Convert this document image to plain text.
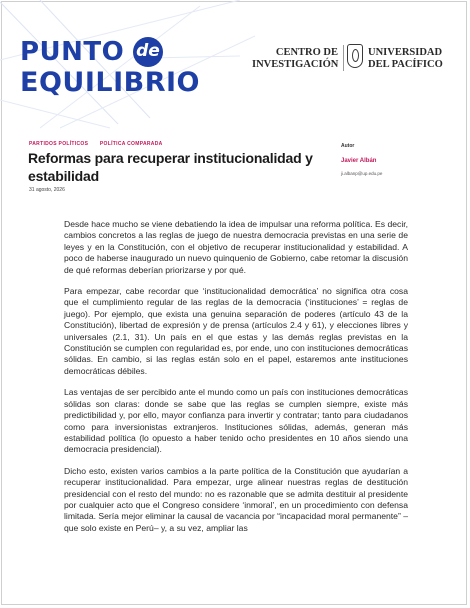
PUNTO de
EQUILIBRIO
CENTRO DE INVESTIGACIÓN
UNIVERSIDAD DEL PACÍFICO
PARTIDOS POLÍTICOS POLÍTICA COMPARADA
Reformas para recuperar institucionalidad y estabilidad
31 agosto, 2026
Autor
Javier Albán
ji.albanp@up.edu.pe

Desde hace mucho se viene debatiendo la idea de impulsar una reforma política. Es decir, cambios concretos a las reglas de juego de nuestra democracia previstas en una serie de leyes y en la Constitución, con el objetivo de recuperar institucionalidad y estabilidad. A poco de haberse inaugurado un nuevo quinquenio de Gobierno, cabe retomar la discusión de qué reformas deberían priorizarse y por qué.

Para empezar, cabe recordar que ‘institucionalidad democrática’ no significa otra cosa que el cumplimiento regular de las reglas de la democracia (‘instituciones’ = reglas de juego). Por ejemplo, que exista una genuina separación de poderes (artículo 43 de la Constitución), libertad de expresión y de prensa (artículos 2.4 y 61), y elecciones libres y universales (2.1, 31). Un país en el que estas y las demás reglas previstas en la Constitución se cumplen con regularidad es, por ende, uno con instituciones democráticas sólidas. En cambio, si las reglas están solo en el papel, estaremos ante instituciones democráticas débiles.

Las ventajas de ser percibido ante el mundo como un país con instituciones democráticas sólidas son claras: donde se sabe que las reglas se cumplen siempre, existe más predictibilidad y, por ello, mayor confianza para invertir y contratar; tanto para ciudadanos como para inversionistas extranjeros. Instituciones sólidas, además, generan más estabilidad política (lo opuesto a haber tenido ocho presidentes en 10 años siendo una democracia presidencial).

Dicho esto, existen varios cambios a la parte política de la Constitución que ayudarían a recuperar institucionalidad. Para empezar, urge alinear nuestras reglas de destitución presidencial con el resto del mundo: no es razonable que se admita destituir al presidente por cualquier acto que el Congreso considere ‘inmoral’, en un procedimiento con defensa limitada. Sería mejor eliminar la causal de vacancia por “incapacidad moral permanente” –que solo existe en Perú– y, a su vez, ampliar las
